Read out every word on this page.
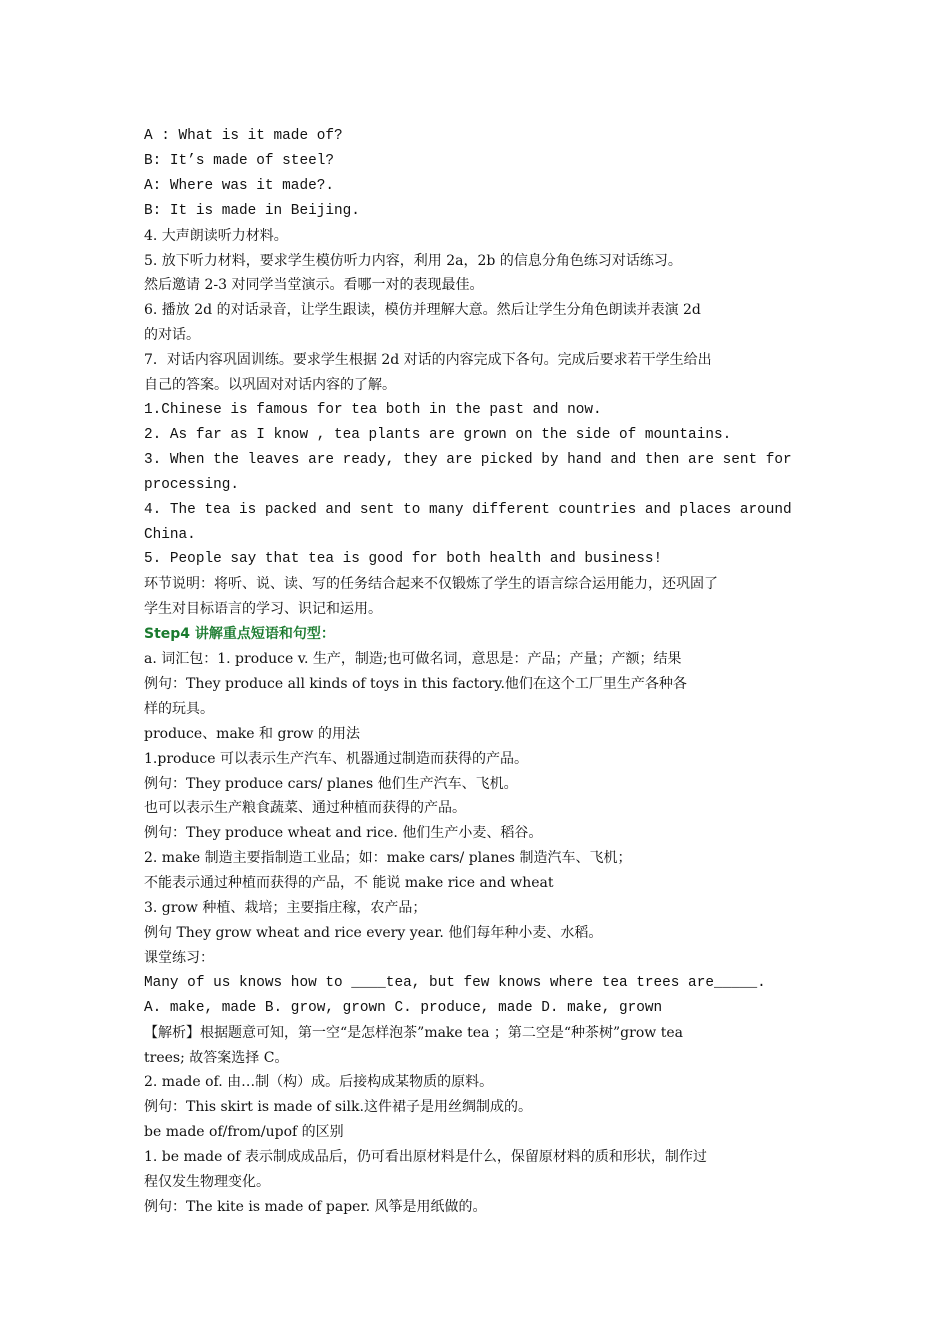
A : What is it made of?
B: It’s made of steel?
A: Where was it made?.
B: It is made in Beijing.
4. 大声朗读听力材料。
5. 放下听力材料，要求学生模仿听力内容，利用 2a，2b 的信息分角色练习对话练习。
然后邀请 2-3 对同学当堂演示。看哪一对的表现最佳。
6. 播放 2d 的对话录音，让学生跟读，模仿并理解大意。然后让学生分角色朗读并表演 2d
的对话。
7．对话内容巩固训练。要求学生根据 2d 对话的内容完成下各句。完成后要求若干学生给出
自己的答案。以巩固对对话内容的了解。
1.Chinese is famous for tea both in the past and now.
2. As far as I know , tea plants are grown on the side of mountains.
3. When the leaves are ready, they are picked by hand and then are sent for
processing.
4. The tea is packed and sent to many different countries and places around
China.
5. People say that tea is good for both health and business!
环节说明：将听、说、读、写的任务结合起来不仅锻炼了学生的语言综合运用能力，还巩固了
学生对目标语言的学习、识记和运用。
Step4 讲解重点短语和句型：
a. 词汇包：1. produce v. 生产，制造;也可做名词，意思是：产品；产量；产额；结果
例句：They produce all kinds of toys in this factory.他们在这个工厂里生产各种各
样的玩具。
produce、make 和 grow 的用法
1.produce 可以表示生产汽车、机器通过制造而获得的产品。
例句：They produce cars/ planes 他们生产汽车、飞机。
也可以表示生产粮食蔬菜、通过种植而获得的产品。
例句：They produce wheat and rice. 他们生产小麦、稻谷。
2. make 制造主要指制造工业品；如：make cars/ planes 制造汽车、飞机；
不能表示通过种植而获得的产品，不 能说 make rice and wheat
3. grow 种植、栽培；主要指庄稼，农产品；
例句 They grow wheat and rice every year. 他们每年种小麦、水稻。
课堂练习：
Many of us knows how to ____tea, but few knows where tea trees are_____.
A. make, made B. grow, grown C. produce, made D. make, grown
【解析】根据题意可知，第一空“是怎样泡茶”make tea ；第二空是“种茶树”grow tea
trees; 故答案选择 C。
2. made of. 由…制（构）成。后接构成某物质的原料。
例句：This skirt is made of silk.这件裙子是用丝绸制成的。
be made of/from/upof 的区别
1. be made of 表示制成成品后，仍可看出原材料是什么，保留原材料的质和形状，制作过
程仅发生物理变化。
例句：The kite is made of paper. 风筝是用纸做的。
